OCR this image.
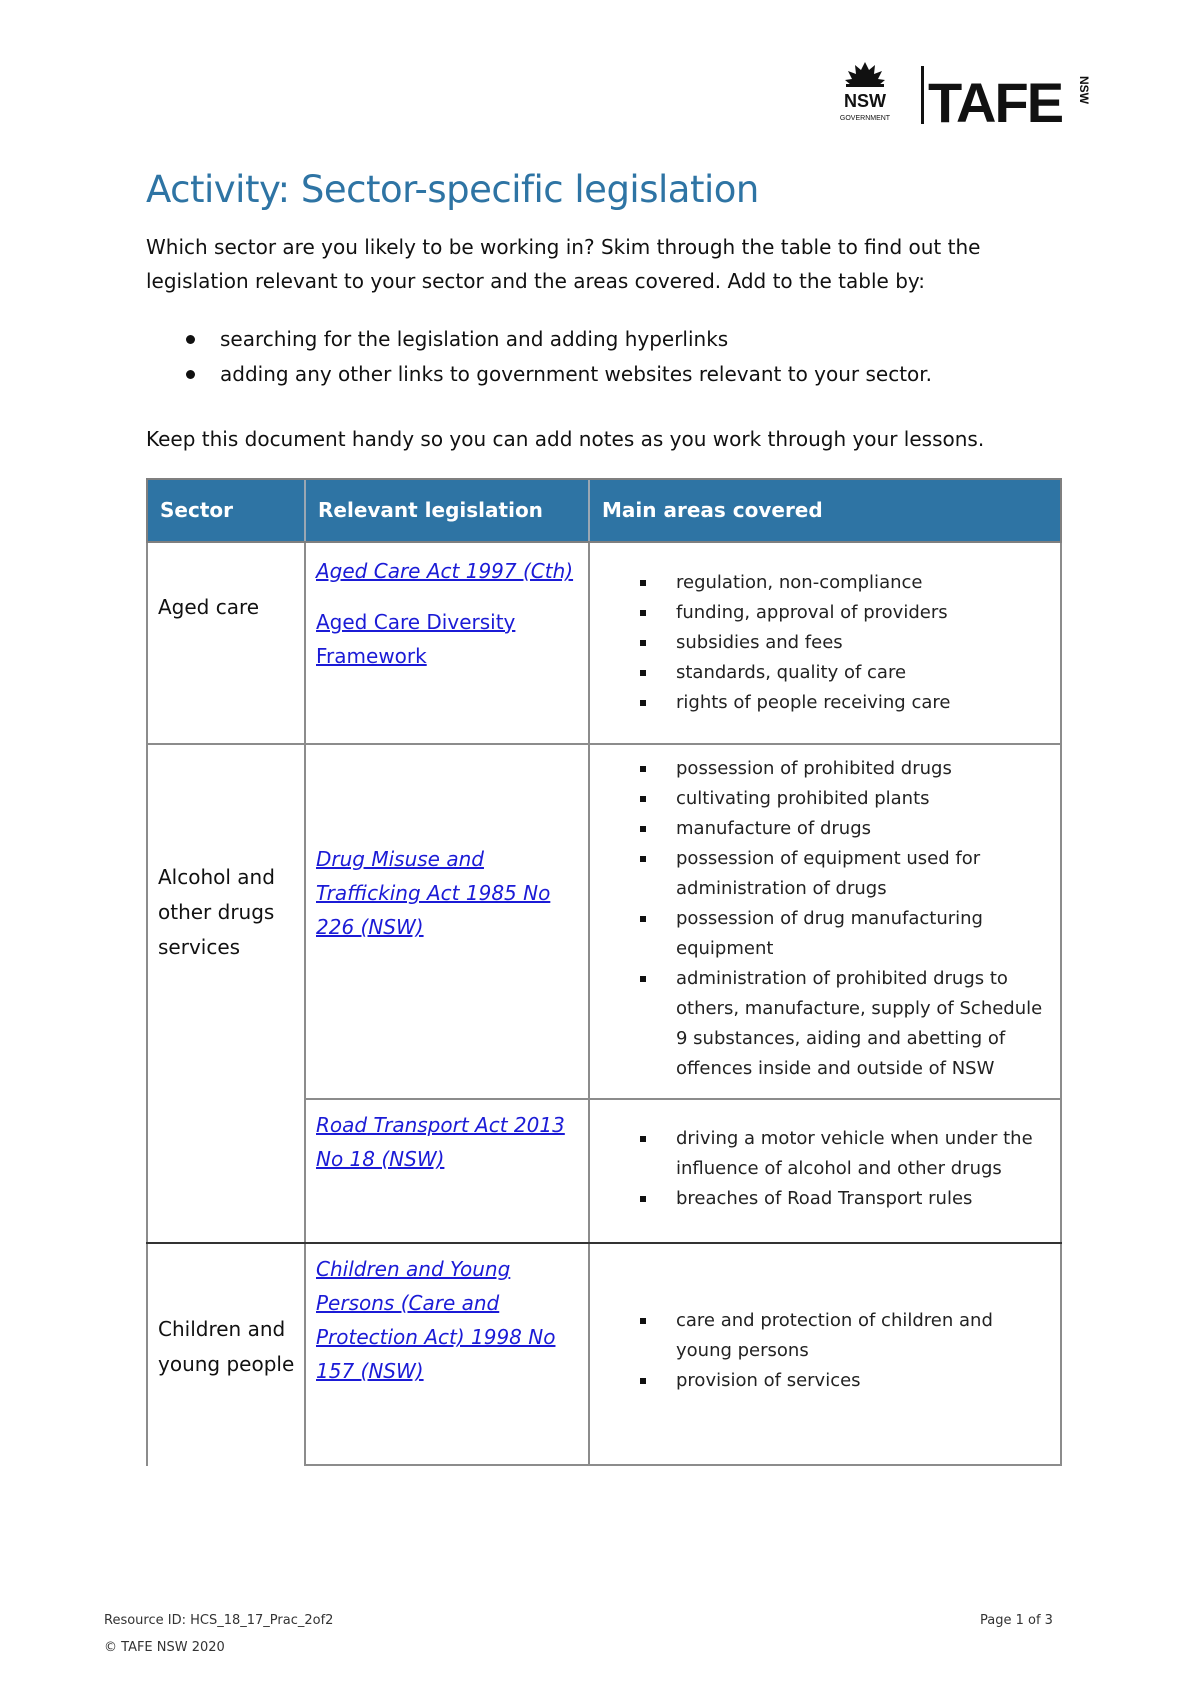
NSW
GOVERNMENT TAFE NSW
Activity: Sector-specific legislation

Which sector are you likely to be working in? Skim through the table to find out the legislation relevant to your sector and the areas covered. Add to the table by:

searching for the legislation and adding hyperlinks
adding any other links to government websites relevant to your sector.

Keep this document handy so you can add notes as you work through your lessons.

Sector	Relevant legislation	Main areas covered
Aged care
Aged Care Act 1997 (Cth)
Aged Care Diversity Framework
regulation, non-compliance
funding, approval of providers
subsidies and fees
standards, quality of care
rights of people receiving care
Alcohol and other drugs services
Drug Misuse and Trafficking Act 1985 No 226 (NSW)
possession of prohibited drugs
cultivating prohibited plants
manufacture of drugs
possession of equipment used for administration of drugs
possession of drug manufacturing equipment
administration of prohibited drugs to others, manufacture, supply of Schedule 9 substances, aiding and abetting of offences inside and outside of NSW
Road Transport Act 2013 No 18 (NSW)
driving a motor vehicle when under the influence of alcohol and other drugs
breaches of Road Transport rules
Children and young people
Children and Young Persons (Care and Protection Act) 1998 No 157 (NSW)
care and protection of children and young persons
provision of services
Resource ID: HCS_18_17_Prac_2of2
© TAFE NSW 2020
Page 1 of 3
